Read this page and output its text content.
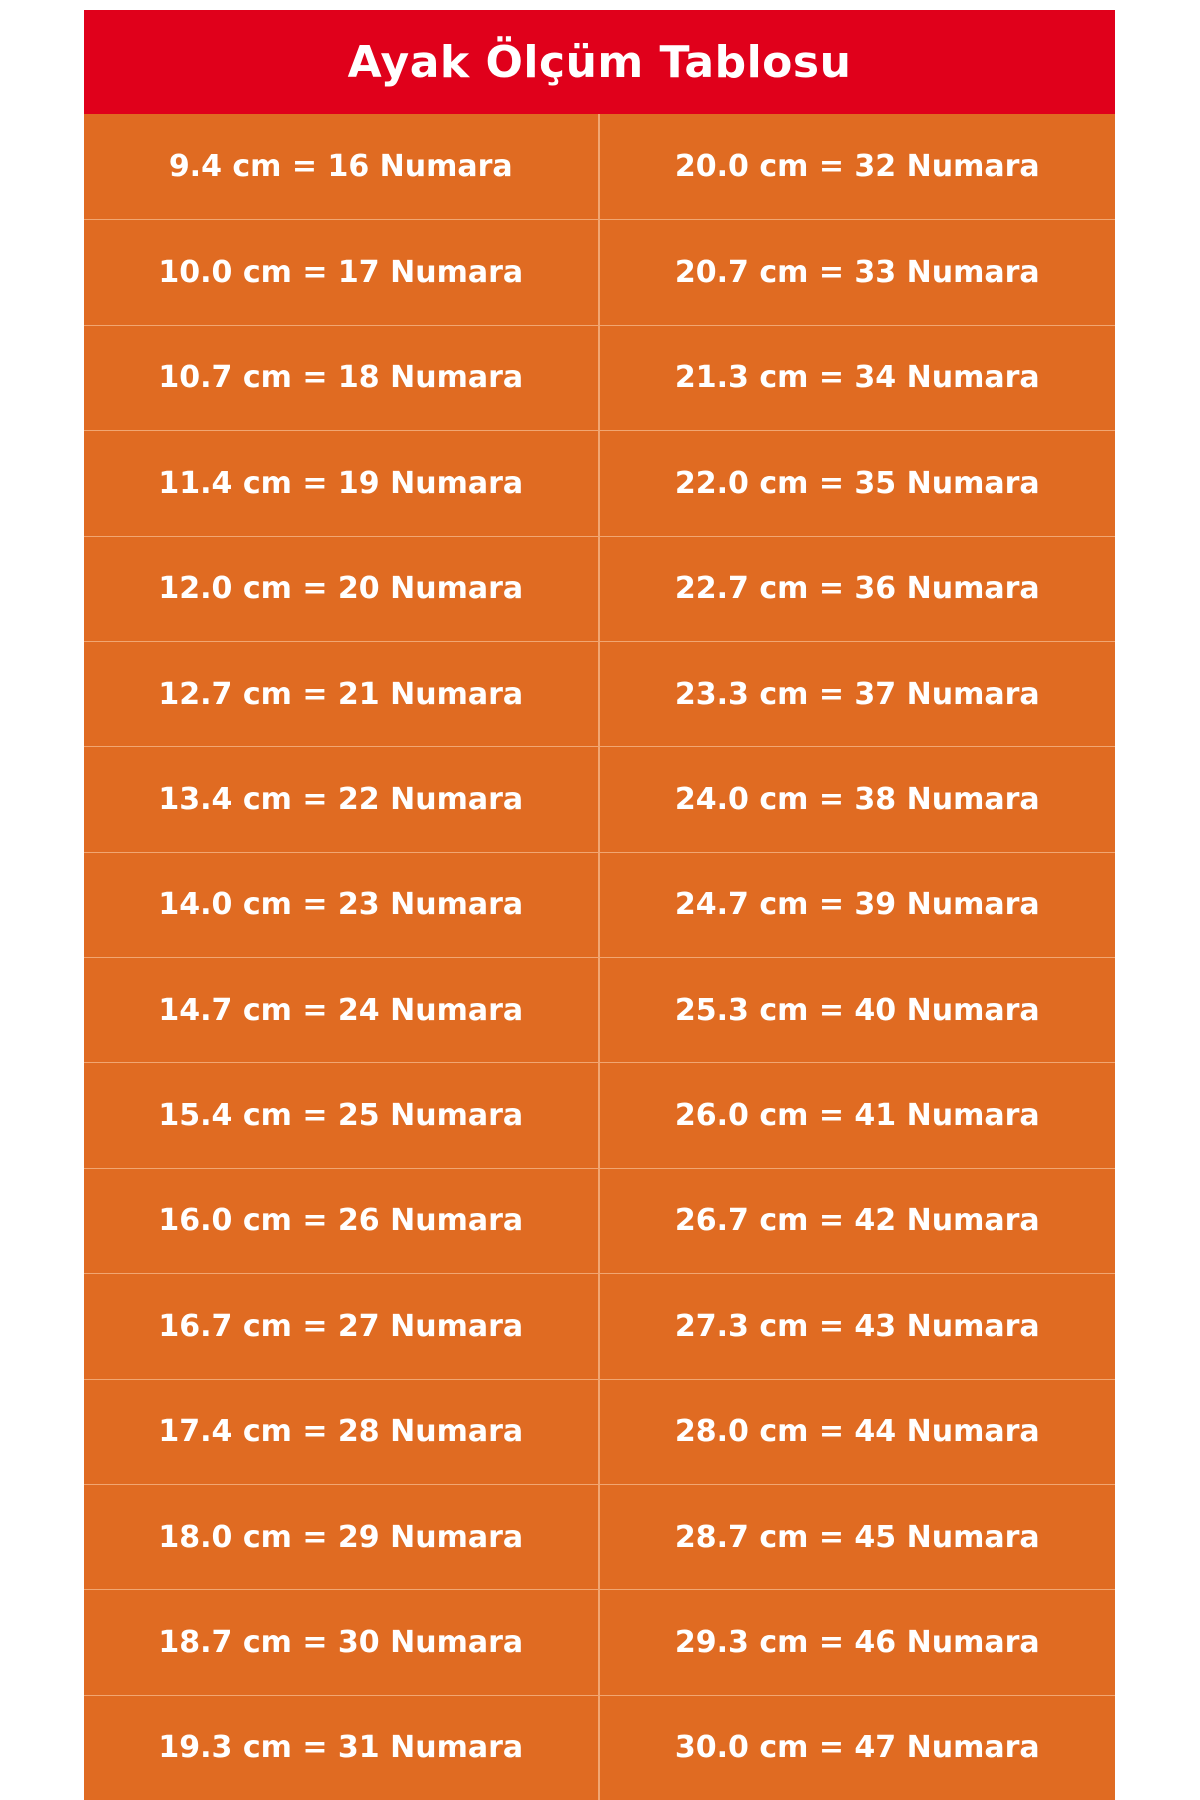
Ayak Ölçüm Tablosu
9.4 cm = 16 Numara	20.0 cm = 32 Numara
10.0 cm = 17 Numara	20.7 cm = 33 Numara
10.7 cm = 18 Numara	21.3 cm = 34 Numara
11.4 cm = 19 Numara	22.0 cm = 35 Numara
12.0 cm = 20 Numara	22.7 cm = 36 Numara
12.7 cm = 21 Numara	23.3 cm = 37 Numara
13.4 cm = 22 Numara	24.0 cm = 38 Numara
14.0 cm = 23 Numara	24.7 cm = 39 Numara
14.7 cm = 24 Numara	25.3 cm = 40 Numara
15.4 cm = 25 Numara	26.0 cm = 41 Numara
16.0 cm = 26 Numara	26.7 cm = 42 Numara
16.7 cm = 27 Numara	27.3 cm = 43 Numara
17.4 cm = 28 Numara	28.0 cm = 44 Numara
18.0 cm = 29 Numara	28.7 cm = 45 Numara
18.7 cm = 30 Numara	29.3 cm = 46 Numara
19.3 cm = 31 Numara	30.0 cm = 47 Numara
